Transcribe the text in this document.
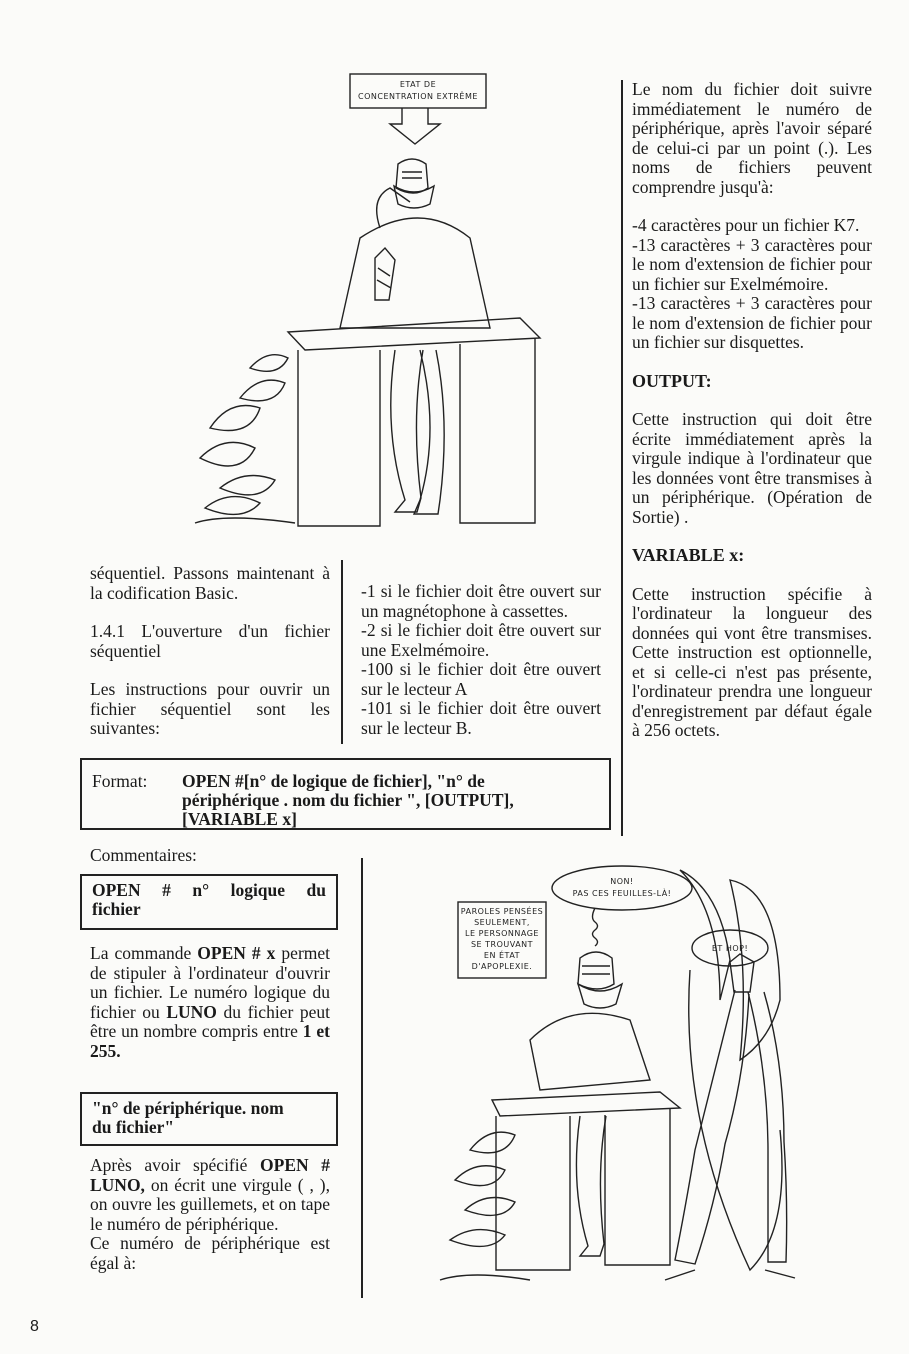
ETAT DE
CONCENTRATION EXTRÊME

séquentiel. Passons maintenant à la codification Basic.

1.4.1 L'ouverture d'un fichier séquentiel

Les instructions pour ouvrir un fichier séquentiel sont les suivantes:

-1 si le fichier doit être ouvert sur un magnétophone à cassettes.

-2 si le fichier doit être ouvert sur une Exelmémoire.

-100 si le fichier doit être ouvert sur le lecteur A

-101 si le fichier doit être ouvert sur le lecteur B.

Format: OPEN #[n° de logique de fichier], "n° de
périphérique . nom du fichier ", [OUTPUT],
[VARIABLE x]
Commentaires:
OPEN # n° logique du
fichier

La commande OPEN # x permet de stipuler à l'ordinateur d'ouvrir un fichier. Le numéro logique du fichier ou LUNO du fichier peut être un nombre compris entre 1 et 255.

"n° de périphérique. nom
du fichier"

Après avoir spécifié OPEN # LUNO, on écrit une virgule ( , ), on ouvre les guillemets, et on tape le numéro de périphérique.

Ce numéro de périphérique est égal à:

Le nom du fichier doit suivre immédiatement le numéro de périphérique, après l'avoir séparé de celui-ci par un point (.). Les noms de fichiers peuvent comprendre jusqu'à:

-4 caractères pour un fichier K7.

-13 caractères + 3 caractères pour le nom d'extension de fichier pour un fichier sur Exelmémoire.

-13 caractères + 3 caractères pour le nom d'extension de fichier pour un fichier sur disquettes.

OUTPUT:

Cette instruction qui doit être écrite immédiatement après la virgule indique à l'ordinateur que les données vont être transmises à un périphérique. (Opération de Sortie) .

VARIABLE x:

Cette instruction spécifie à l'ordinateur la longueur des données qui vont être transmises. Cette instruction est optionnelle, et si celle-ci n'est pas présente, l'ordinateur prendra une longueur d'enregistrement par défaut égale à 256 octets.

PAROLES PENSÉES
SEULEMENT,
LE PERSONNAGE
SE TROUVANT
EN ÉTAT
D'APOPLEXIE.
NON!
PAS CES FEUILLES-LÀ!
ET HOP!
8
